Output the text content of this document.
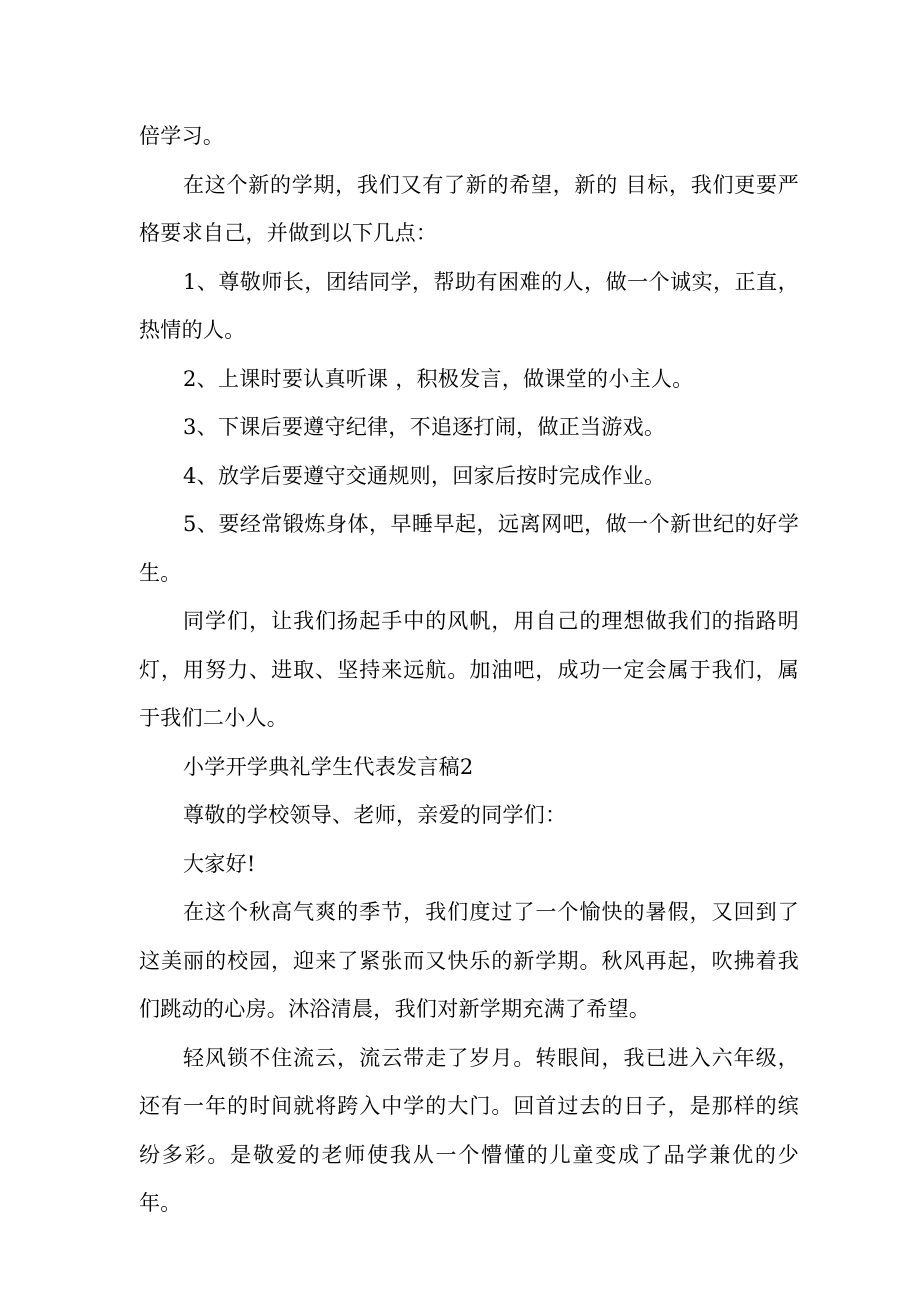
倍学习。

在这个新的学期，我们又有了新的希望，新的 目标，我们更要严格要求自己，并做到以下几点：

1、尊敬师长，团结同学，帮助有困难的人，做一个诚实，正直，热情的人。

2、上课时要认真听课 ，积极发言，做课堂的小主人。

3、下课后要遵守纪律，不追逐打闹，做正当游戏。

4、放学后要遵守交通规则，回家后按时完成作业。

5、要经常锻炼身体，早睡早起，远离网吧，做一个新世纪的好学生。

同学们，让我们扬起手中的风帆，用自己的理想做我们的指路明灯，用努力、进取、坚持来远航。加油吧，成功一定会属于我们，属于我们二小人。

小学开学典礼学生代表发言稿2

尊敬的学校领导、老师，亲爱的同学们：

大家好!

在这个秋高气爽的季节，我们度过了一个愉快的暑假，又回到了这美丽的校园，迎来了紧张而又快乐的新学期。秋风再起，吹拂着我们跳动的心房。沐浴清晨，我们对新学期充满了希望。

轻风锁不住流云，流云带走了岁月。转眼间，我已进入六年级，还有一年的时间就将跨入中学的大门。回首过去的日子，是那样的缤纷多彩。是敬爱的老师使我从一个懵懂的儿童变成了品学兼优的少年。
